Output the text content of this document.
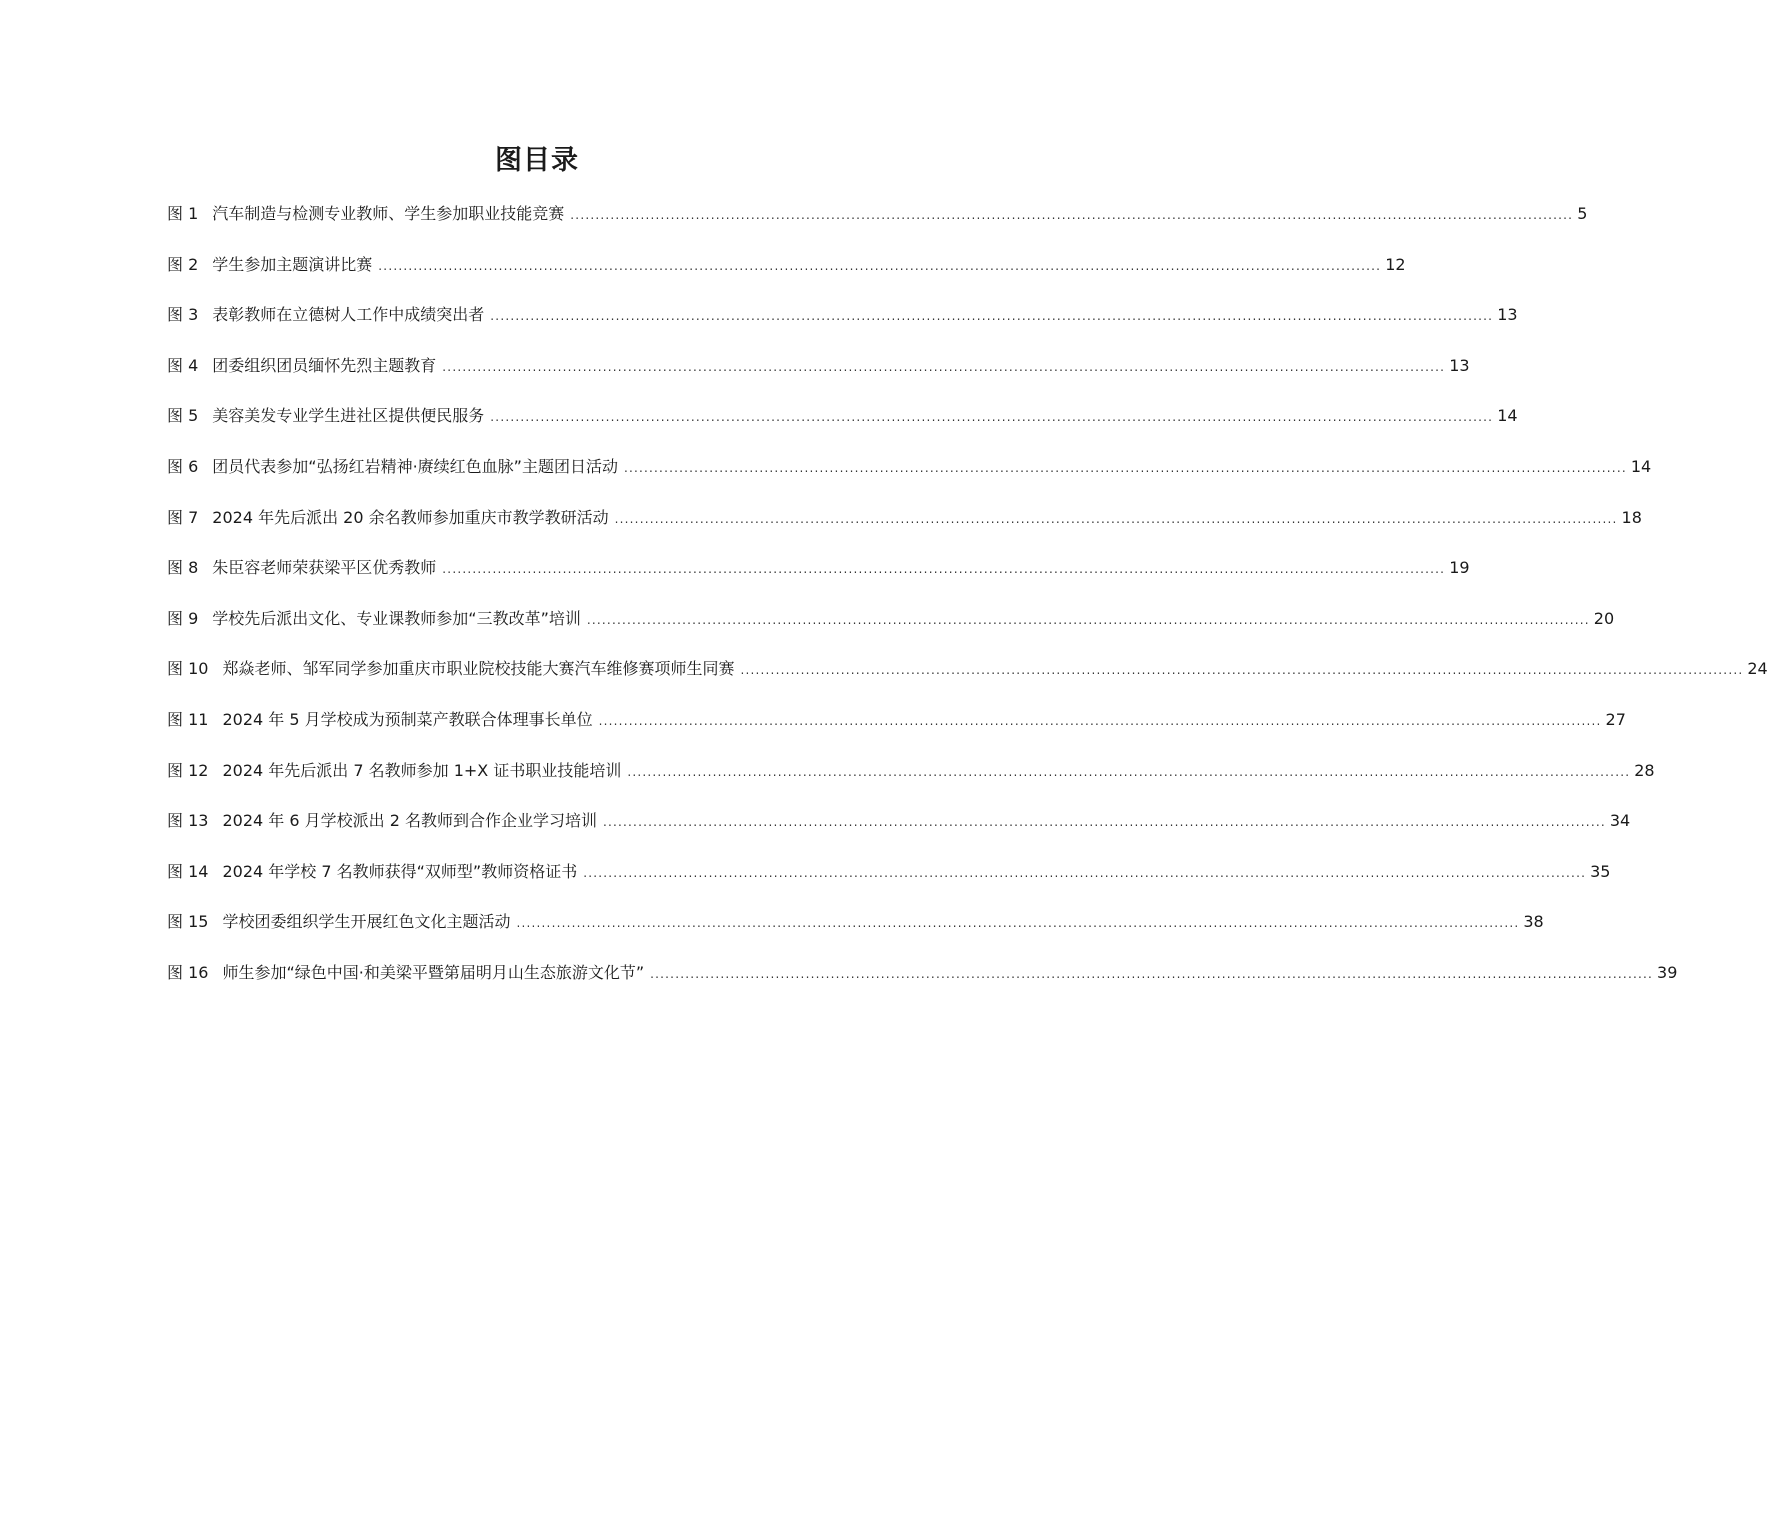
图目录
图 1 汽车制造与检测专业教师、学生参加职业技能竞赛 ........................................................................................................................................................................................................ 5
图 2 学生参加主题演讲比赛 ........................................................................................................................................................................................................ 12
图 3 表彰教师在立德树人工作中成绩突出者 ........................................................................................................................................................................................................ 13
图 4 团委组织团员缅怀先烈主题教育 ........................................................................................................................................................................................................ 13
图 5 美容美发专业学生进社区提供便民服务 ........................................................................................................................................................................................................ 14
图 6 团员代表参加“弘扬红岩精神·赓续红色血脉”主题团日活动 ........................................................................................................................................................................................................ 14
图 7 2024 年先后派出 20 余名教师参加重庆市教学教研活动 ........................................................................................................................................................................................................ 18
图 8 朱臣容老师荣获梁平区优秀教师 ........................................................................................................................................................................................................ 19
图 9 学校先后派出文化、专业课教师参加“三教改革”培训 ........................................................................................................................................................................................................ 20
图 10 郑焱老师、邹军同学参加重庆市职业院校技能大赛汽车维修赛项师生同赛 ........................................................................................................................................................................................................ 24
图 11 2024 年 5 月学校成为预制菜产教联合体理事长单位 ........................................................................................................................................................................................................ 27
图 12 2024 年先后派出 7 名教师参加 1+X 证书职业技能培训 ........................................................................................................................................................................................................ 28
图 13 2024 年 6 月学校派出 2 名教师到合作企业学习培训 ........................................................................................................................................................................................................ 34
图 14 2024 年学校 7 名教师获得“双师型”教师资格证书 ........................................................................................................................................................................................................ 35
图 15 学校团委组织学生开展红色文化主题活动 ........................................................................................................................................................................................................ 38
图 16 师生参加“绿色中国·和美梁平暨第届明月山生态旅游文化节” ........................................................................................................................................................................................................ 39
